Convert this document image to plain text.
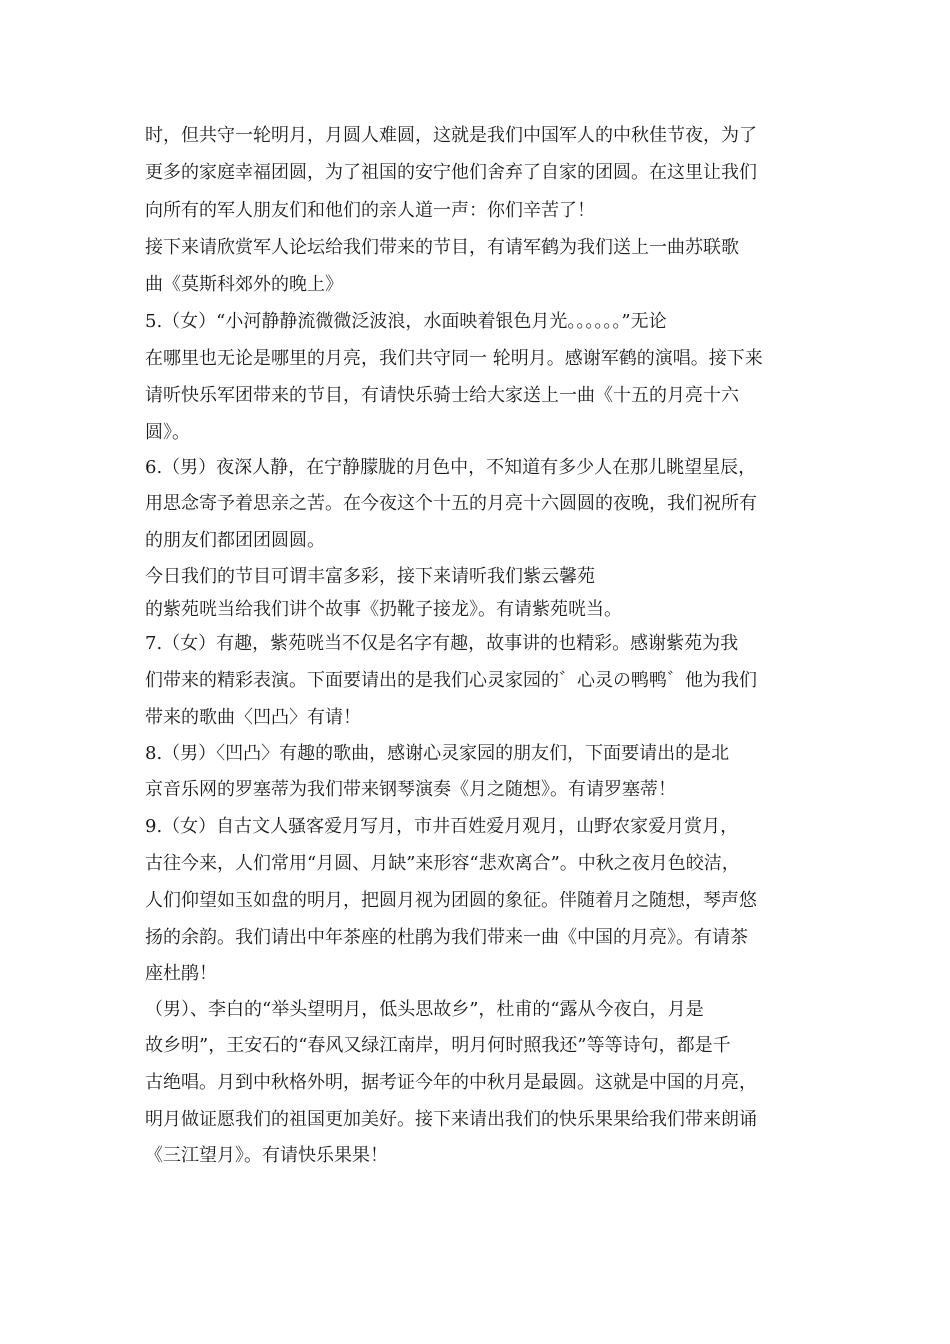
时，但共守一轮明月，月圆人难圆，这就是我们中国军人的中秋佳节夜，为了
更多的家庭幸福团圆，为了祖国的安宁他们舍弃了自家的团圆。在这里让我们
向所有的军人朋友们和他们的亲人道一声：你们辛苦了！
接下来请欣赏军人论坛给我们带来的节目，有请军鹤为我们送上一曲苏联歌
曲《莫斯科郊外的晚上》
5.（女）“小河静静流微微泛波浪，水面映着银色月光。。。。。。”无论
在哪里也无论是哪里的月亮，我们共守同一 轮明月。感谢军鹤的演唱。接下来
请听快乐军团带来的节目，有请快乐骑士给大家送上一曲《十五的月亮十六
圆》。
6.（男）夜深人静，在宁静朦胧的月色中，不知道有多少人在那儿眺望星辰，
用思念寄予着思亲之苦。在今夜这个十五的月亮十六圆圆的夜晚，我们祝所有
的朋友们都团团圆圆。
今日我们的节目可谓丰富多彩，接下来请听我们紫云馨苑
的紫苑咣当给我们讲个故事《扔靴子接龙》。有请紫苑咣当。
7.（女）有趣，紫苑咣当不仅是名字有趣，故事讲的也精彩。感谢紫苑为我
们带来的精彩表演。下面要请出的是我们心灵家园的゛心灵の鸭鸭゛他为我们
带来的歌曲〈凹凸〉有请！
8.（男）〈凹凸〉有趣的歌曲，感谢心灵家园的朋友们，下面要请出的是北
京音乐网的罗塞蒂为我们带来钢琴演奏《月之随想》。有请罗塞蒂！
9.（女）自古文人骚客爱月写月，市井百姓爱月观月，山野农家爱月赏月，
古往今来，人们常用“月圆、月缺”来形容“悲欢离合”。中秋之夜月色皎洁，
人们仰望如玉如盘的明月，把圆月视为团圆的象征。伴随着月之随想，琴声悠
扬的余韵。我们请出中年茶座的杜鹃为我们带来一曲《中国的月亮》。有请茶
座杜鹃！
（男）、李白的“举头望明月，低头思故乡”，杜甫的“露从今夜白，月是
故乡明”，王安石的“春风又绿江南岸，明月何时照我还”等等诗句，都是千
古绝唱。月到中秋格外明，据考证今年的中秋月是最圆。这就是中国的月亮，
明月做证愿我们的祖国更加美好。接下来请出我们的快乐果果给我们带来朗诵
《三江望月》。有请快乐果果！
